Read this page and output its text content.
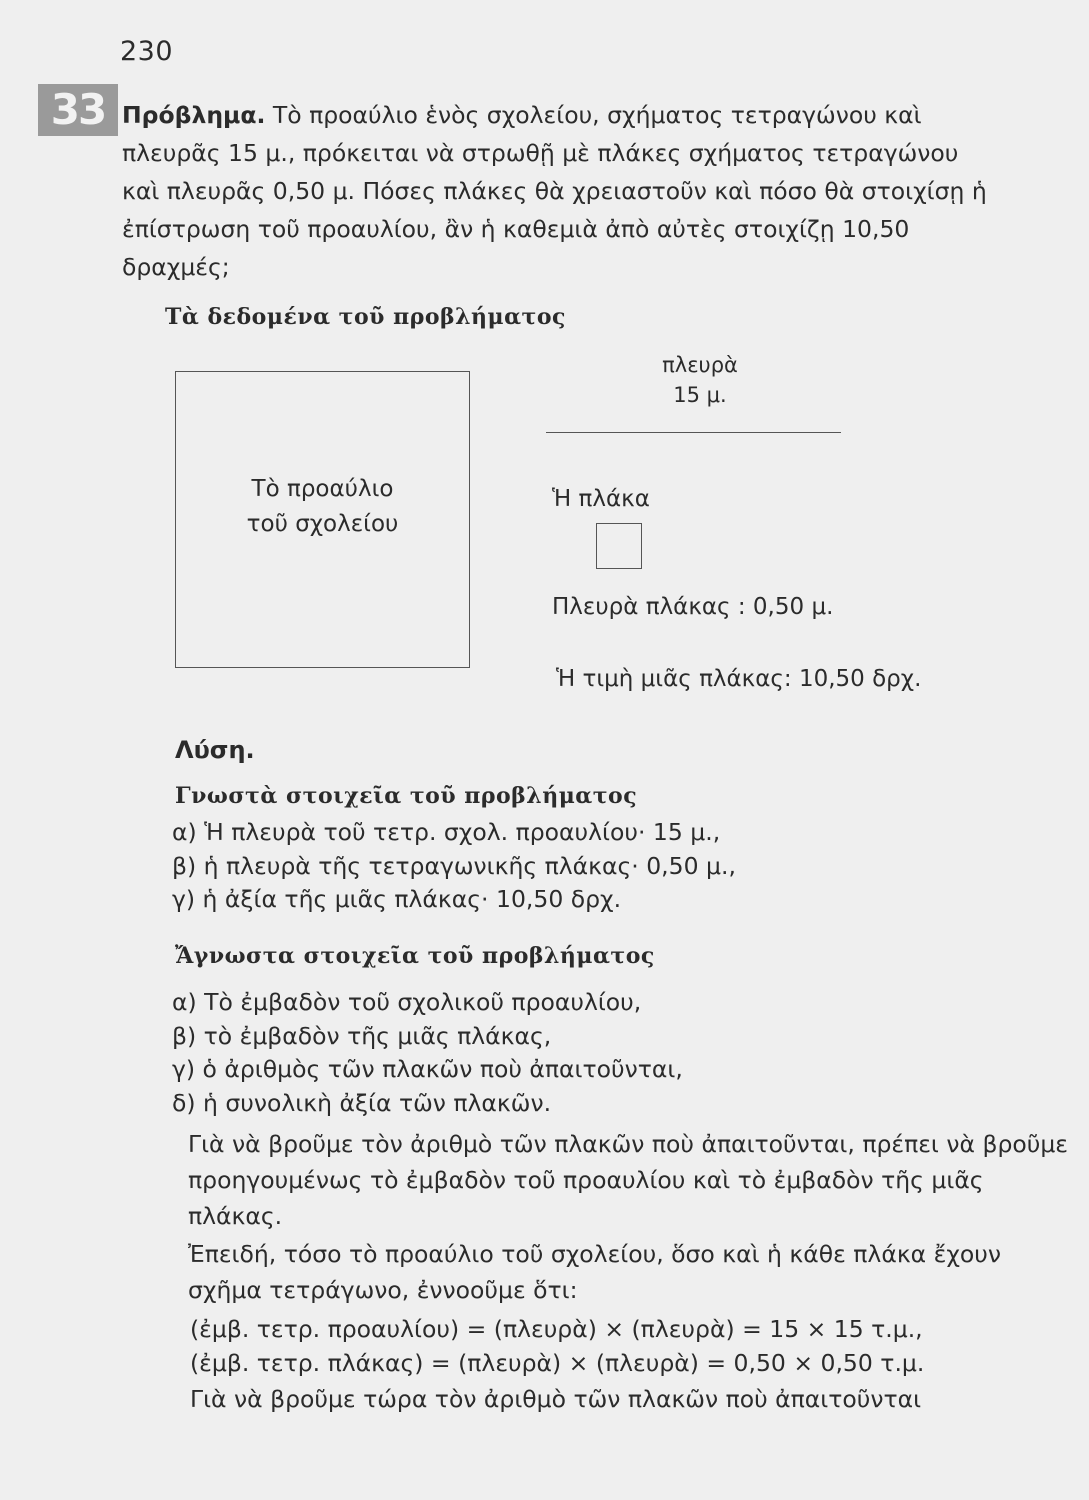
230
33 Πρόβλημα. Τὸ προαύλιο ἑνὸς σχολείου, σχήματος τετραγώνου καὶ πλευρᾶς 15 μ., πρόκειται νὰ στρωθῇ μὲ πλάκες σχήματος τετραγώνου καὶ πλευρᾶς 0,50 μ. Πόσες πλάκες θὰ χρειαστοῦν καὶ πόσο θὰ στοιχίσῃ ἡ ἐπίστρωση τοῦ προαυλίου, ἂν ἡ καθεμιὰ ἀπὸ αὐτὲς στοιχίζῃ 10,50 δραχμές;
Τὰ δεδομένα τοῦ προβλήματος
Τὸ προαύλιο
τοῦ σχολείου
πλευρὰ
15 μ.
Ἡ πλάκα
Πλευρὰ πλάκας : 0,50 μ.
Ἡ τιμὴ μιᾶς πλάκας: 10,50 δρχ.
Λύση.
Γνωστὰ στοιχεῖα τοῦ προβλήματος
α) Ἡ πλευρὰ τοῦ τετρ. σχολ. προαυλίου· 15 μ.,
β) ἡ πλευρὰ τῆς τετραγωνικῆς πλάκας· 0,50 μ.,
γ) ἡ ἀξία τῆς μιᾶς πλάκας· 10,50 δρχ.
Ἄγνωστα στοιχεῖα τοῦ προβλήματος
α) Τὸ ἐμβαδὸν τοῦ σχολικοῦ προαυλίου,
β) τὸ ἐμβαδὸν τῆς μιᾶς πλάκας,
γ) ὁ ἀριθμὸς τῶν πλακῶν ποὺ ἀπαιτοῦνται,
δ) ἡ συνολικὴ ἀξία τῶν πλακῶν.
Γιὰ νὰ βροῦμε τὸν ἀριθμὸ τῶν πλακῶν ποὺ ἀπαιτοῦνται, πρέπει νὰ βροῦμε προηγουμένως τὸ ἐμβαδὸν τοῦ προαυλίου καὶ τὸ ἐμβαδὸν τῆς μιᾶς πλάκας.
Ἐπειδή, τόσο τὸ προαύλιο τοῦ σχολείου, ὅσο καὶ ἡ κάθε πλάκα ἔχουν σχῆμα τετράγωνο, ἐννοοῦμε ὅτι:
(ἐμβ. τετρ. προαυλίου) = (πλευρὰ) × (πλευρὰ) = 15 × 15 τ.μ.,
(ἐμβ. τετρ. πλάκας) = (πλευρὰ) × (πλευρὰ) = 0,50 × 0,50 τ.μ.
Γιὰ νὰ βροῦμε τώρα τὸν ἀριθμὸ τῶν πλακῶν ποὺ ἀπαιτοῦνται
